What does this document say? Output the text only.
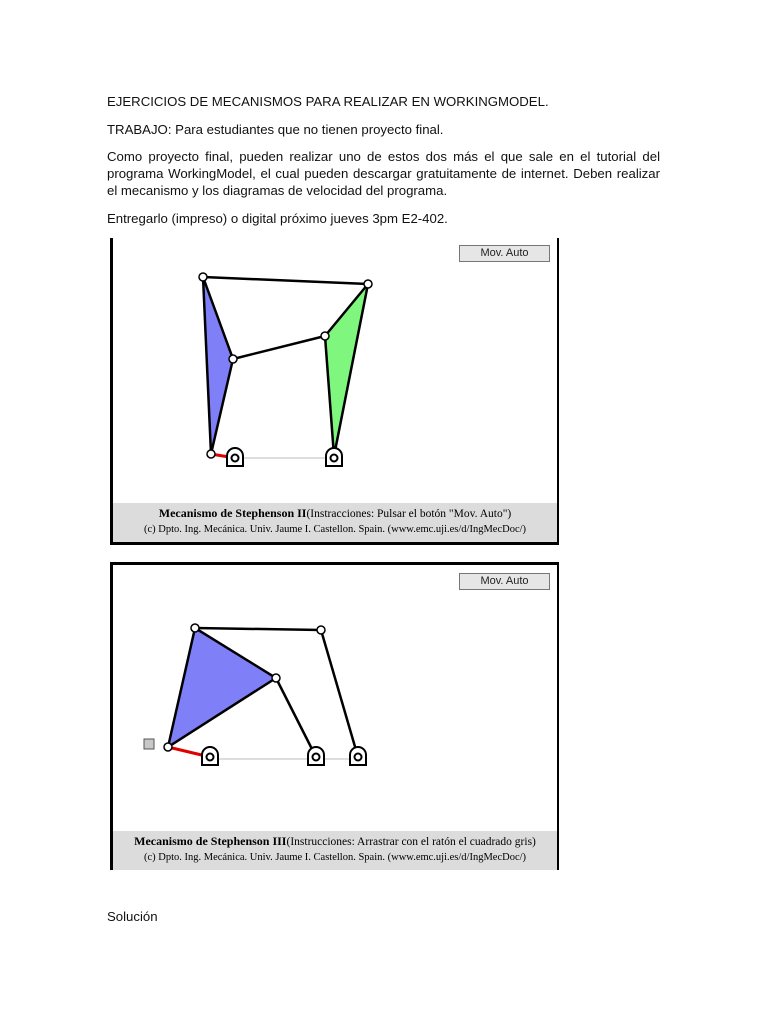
EJERCICIOS DE MECANISMOS PARA REALIZAR EN WORKINGMODEL.

TRABAJO: Para estudiantes que no tienen proyecto final.

Como proyecto final, pueden realizar uno de estos dos más el que sale en el tutorial del programa WorkingModel, el cual pueden descargar gratuitamente de internet. Deben realizar el mecanismo y los diagramas de velocidad del programa.

Entregarlo (impreso) o digital próximo jueves 3pm E2-402.

Mov. Auto
Mecanismo de Stephenson II(Instracciones: Pulsar el botón "Mov. Auto")
(c) Dpto. Ing. Mecánica. Univ. Jaume I. Castellon. Spain. (www.emc.uji.es/d/IngMecDoc/)
Mov. Auto
Mecanismo de Stephenson III(Instrucciones: Arrastrar con el ratón el cuadrado gris)
(c) Dpto. Ing. Mecánica. Univ. Jaume I. Castellon. Spain. (www.emc.uji.es/d/IngMecDoc/)

Solución
